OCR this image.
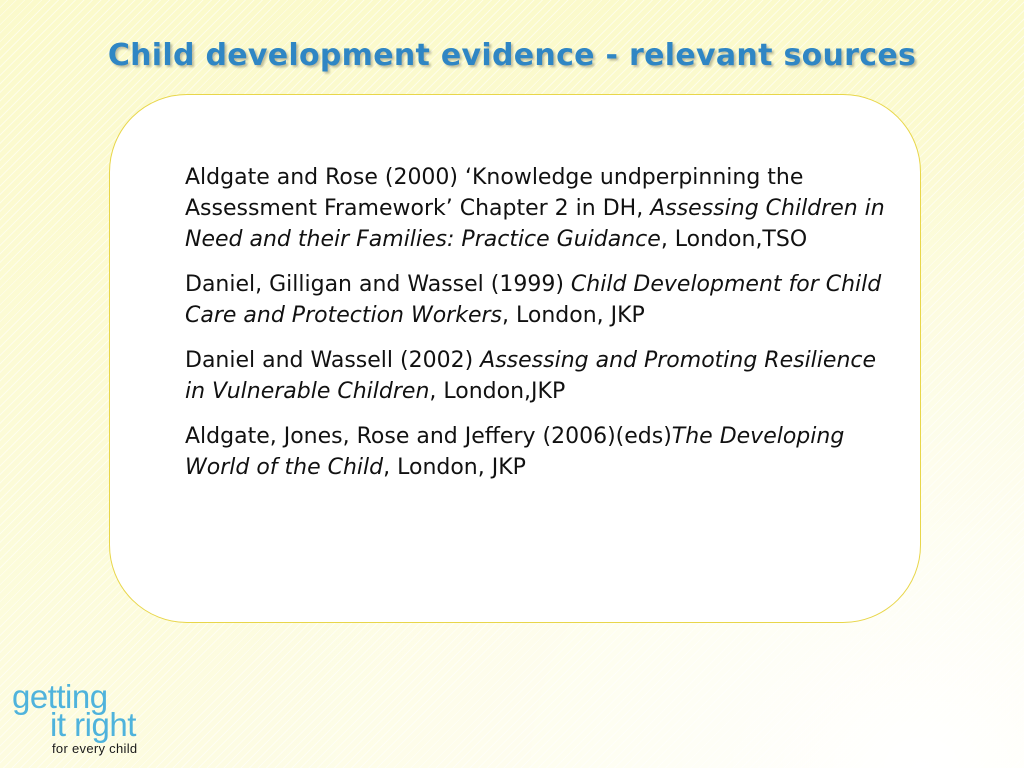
Child development evidence - relevant sources
Aldgate and Rose (2000) ‘Knowledge undperpinning the Assessment Framework’ Chapter 2 in DH, Assessing Children in Need and their Families: Practice Guidance, London,TSO
Daniel, Gilligan and Wassel (1999) Child Development for Child Care and Protection Workers, London, JKP
Daniel and Wassell (2002) Assessing and Promoting Resilience in Vulnerable Children, London,JKP
Aldgate, Jones, Rose and Jeffery (2006)(eds)The Developing World of the Child, London, JKP
getting
it right
for every child
